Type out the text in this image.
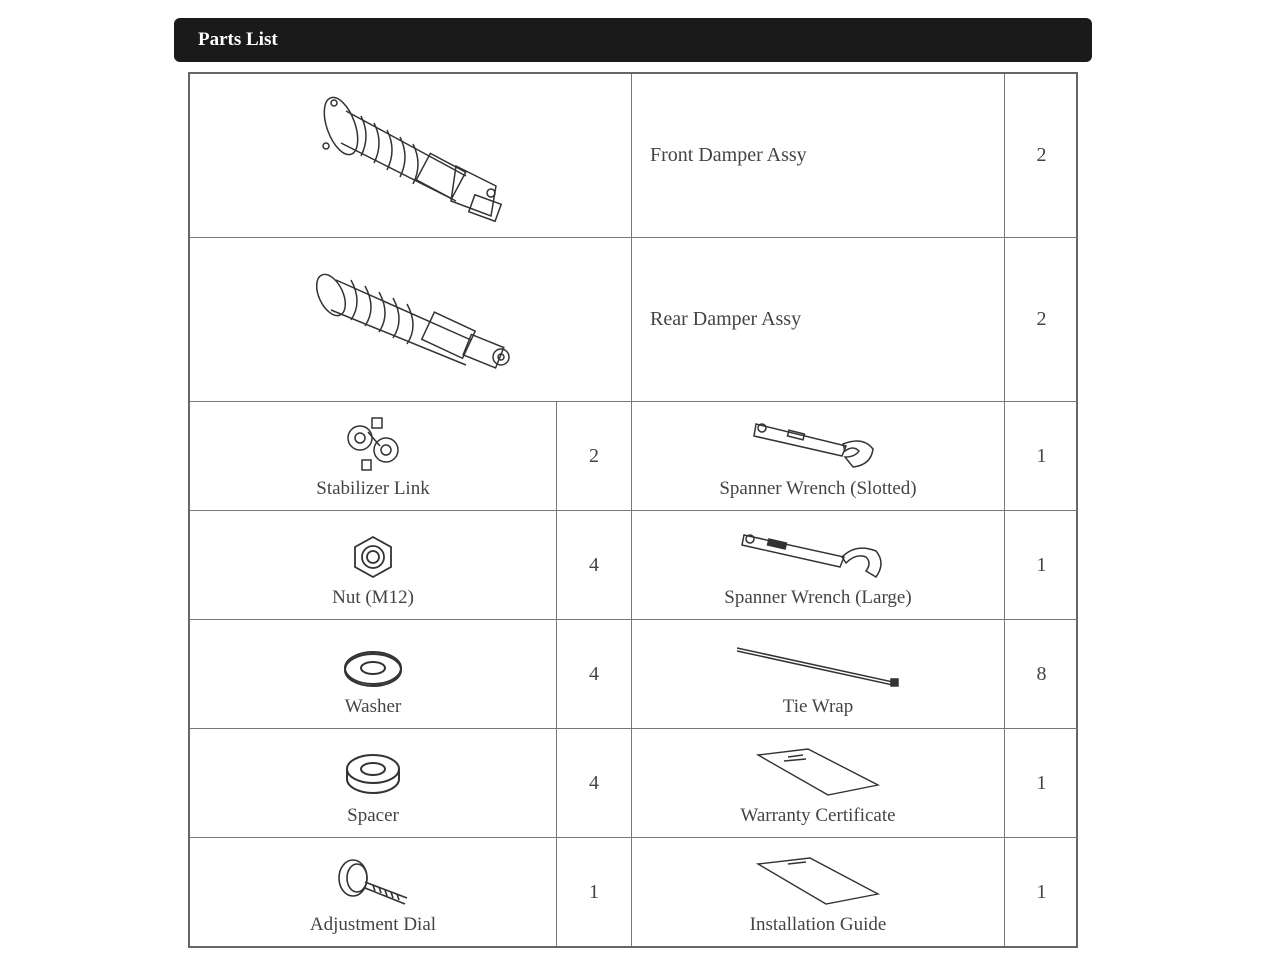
Parts List
Front Damper Assy	2
Rear Damper Assy	2
Stabilizer Link
2
Spanner Wrench (Slotted)
1
Nut (M12)
4
Spanner Wrench (Large)
1
Washer
4
Tie Wrap
8
Spacer
4
Warranty Certificate
1
Adjustment Dial
1
Installation Guide
1
